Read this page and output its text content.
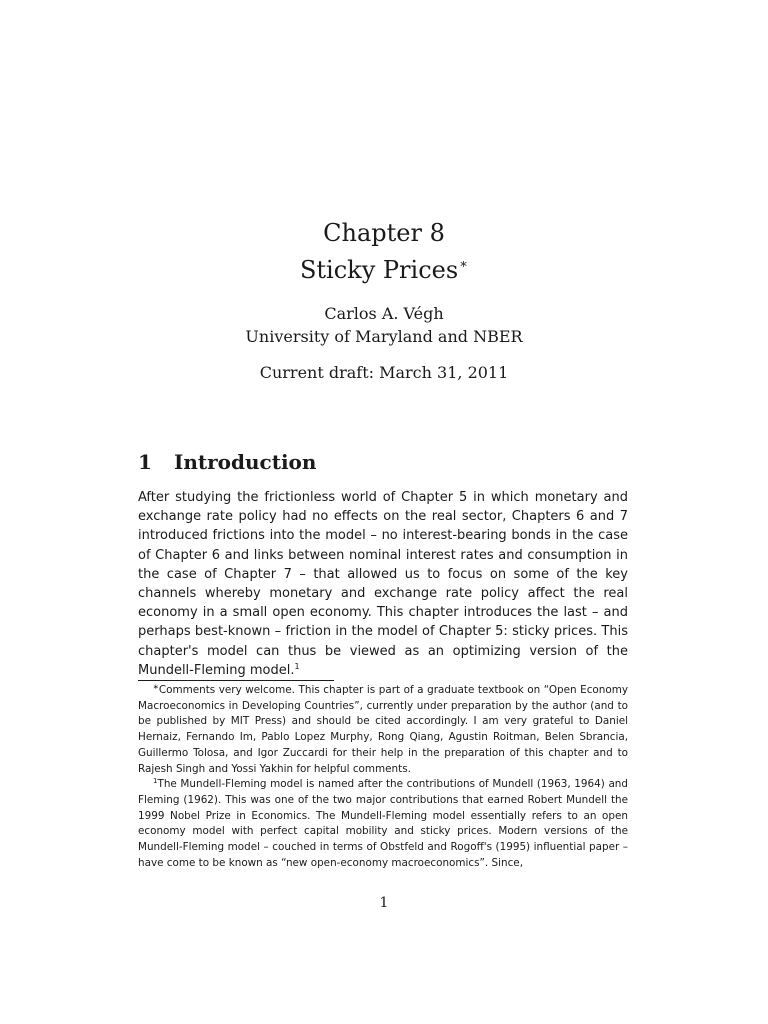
Chapter 8
Sticky Prices∗
Carlos A. Végh
University of Maryland and NBER
Current draft: March 31, 2011
1 Introduction
After studying the frictionless world of Chapter 5 in which monetary and exchange rate policy had no effects on the real sector, Chapters 6 and 7 introduced frictions into the model – no interest-bearing bonds in the case of Chapter 6 and links between nominal interest rates and consumption in the case of Chapter 7 – that allowed us to focus on some of the key channels whereby monetary and exchange rate policy affect the real economy in a small open economy. This chapter introduces the last – and perhaps best-known – friction in the model of Chapter 5: sticky prices. This chapter's model can thus be viewed as an optimizing version of the Mundell-Fleming model.$^1$

∗Comments very welcome. This chapter is part of a graduate textbook on “Open Economy Macroeconomics in Developing Countries”, currently under preparation by the author (and to be published by MIT Press) and should be cited accordingly. I am very grateful to Daniel Hernaiz, Fernando Im, Pablo Lopez Murphy, Rong Qiang, Agustin Roitman, Belen Sbrancia, Guillermo Tolosa, and Igor Zuccardi for their help in the preparation of this chapter and to Rajesh Singh and Yossi Yakhin for helpful comments.

$^1$The Mundell-Fleming model is named after the contributions of Mundell (1963, 1964) and Fleming (1962). This was one of the two major contributions that earned Robert Mundell the 1999 Nobel Prize in Economics. The Mundell-Fleming model essentially refers to an open economy model with perfect capital mobility and sticky prices. Modern versions of the Mundell-Fleming model – couched in terms of Obstfeld and Rogoff's (1995) influential paper – have come to be known as “new open-economy macroeconomics”. Since,

1
